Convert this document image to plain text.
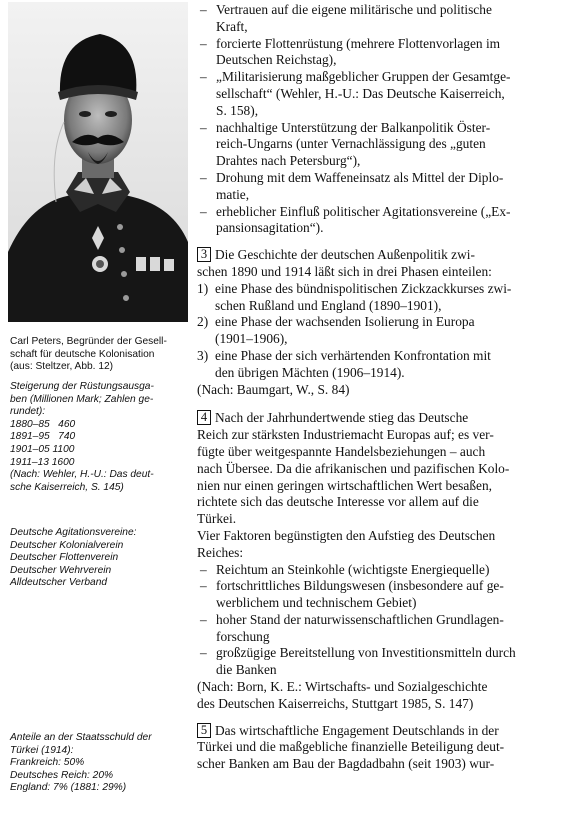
Carl Peters, Begründer der Gesell-
schaft für deutsche Kolonisation
(aus: Steltzer, Abb. 12)
Steigerung der Rüstungsausga-
ben (Millionen Mark; Zahlen ge-
rundet):
1880–85   460
1891–95   740
1901–05 1100
1911–13 1600
(Nach: Wehler, H.-U.: Das deut-
sche Kaiserreich, S. 145)
Deutsche Agitationsvereine:
Deutscher Kolonialverein
Deutscher Flottenverein
Deutscher Wehrverein
Alldeutscher Verband
Anteile an der Staatsschuld der
Türkei (1914):
Frankreich: 50%
Deutsches Reich: 20%
England: 7% (1881: 29%)
– Vertrauen auf die eigene militärische und politische
Kraft,
– forcierte Flottenrüstung (mehrere Flottenvorlagen im
Deutschen Reichstag),
– „Militarisierung maßgeblicher Gruppen der Gesamtge-
sellschaft“ (Wehler, H.-U.: Das Deutsche Kaiserreich,
S. 158),
– nachhaltige Unterstützung der Balkanpolitik Öster-
reich-Ungarns (unter Vernachlässigung des „guten
Drahtes nach Petersburg“),
– Drohung mit dem Waffeneinsatz als Mittel der Diplo-
matie,
– erheblicher Einfluß politischer Agitationsvereine („Ex-
pansionsagitation“).
3 Die Geschichte der deutschen Außenpolitik zwi-
schen 1890 und 1914 läßt sich in drei Phasen einteilen:
1) eine Phase des bündnispolitischen Zickzackkurses zwi-
schen Rußland und England (1890–1901),
2) eine Phase der wachsenden Isolierung in Europa
(1901–1906),
3) eine Phase der sich verhärtenden Konfrontation mit
den übrigen Mächten (1906–1914).
(Nach: Baumgart, W., S. 84)
4 Nach der Jahrhundertwende stieg das Deutsche
Reich zur stärksten Industriemacht Europas auf; es ver-
fügte über weitgespannte Handelsbeziehungen – auch
nach Übersee. Da die afrikanischen und pazifischen Kolo-
nien nur einen geringen wirtschaftlichen Wert besaßen,
richtete sich das deutsche Interesse vor allem auf die
Türkei.
Vier Faktoren begünstigten den Aufstieg des Deutschen
Reiches:
– Reichtum an Steinkohle (wichtigste Energiequelle)
– fortschrittliches Bildungswesen (insbesondere auf ge-
werblichem und technischem Gebiet)
– hoher Stand der naturwissenschaftlichen Grundlagen-
forschung
– großzügige Bereitstellung von Investitionsmitteln durch
die Banken
(Nach: Born, K. E.: Wirtschafts- und Sozialgeschichte
des Deutschen Kaiserreichs, Stuttgart 1985, S. 147)
5 Das wirtschaftliche Engagement Deutschlands in der
Türkei und die maßgebliche finanzielle Beteiligung deut-
scher Banken am Bau der Bagdadbahn (seit 1903) wur-
